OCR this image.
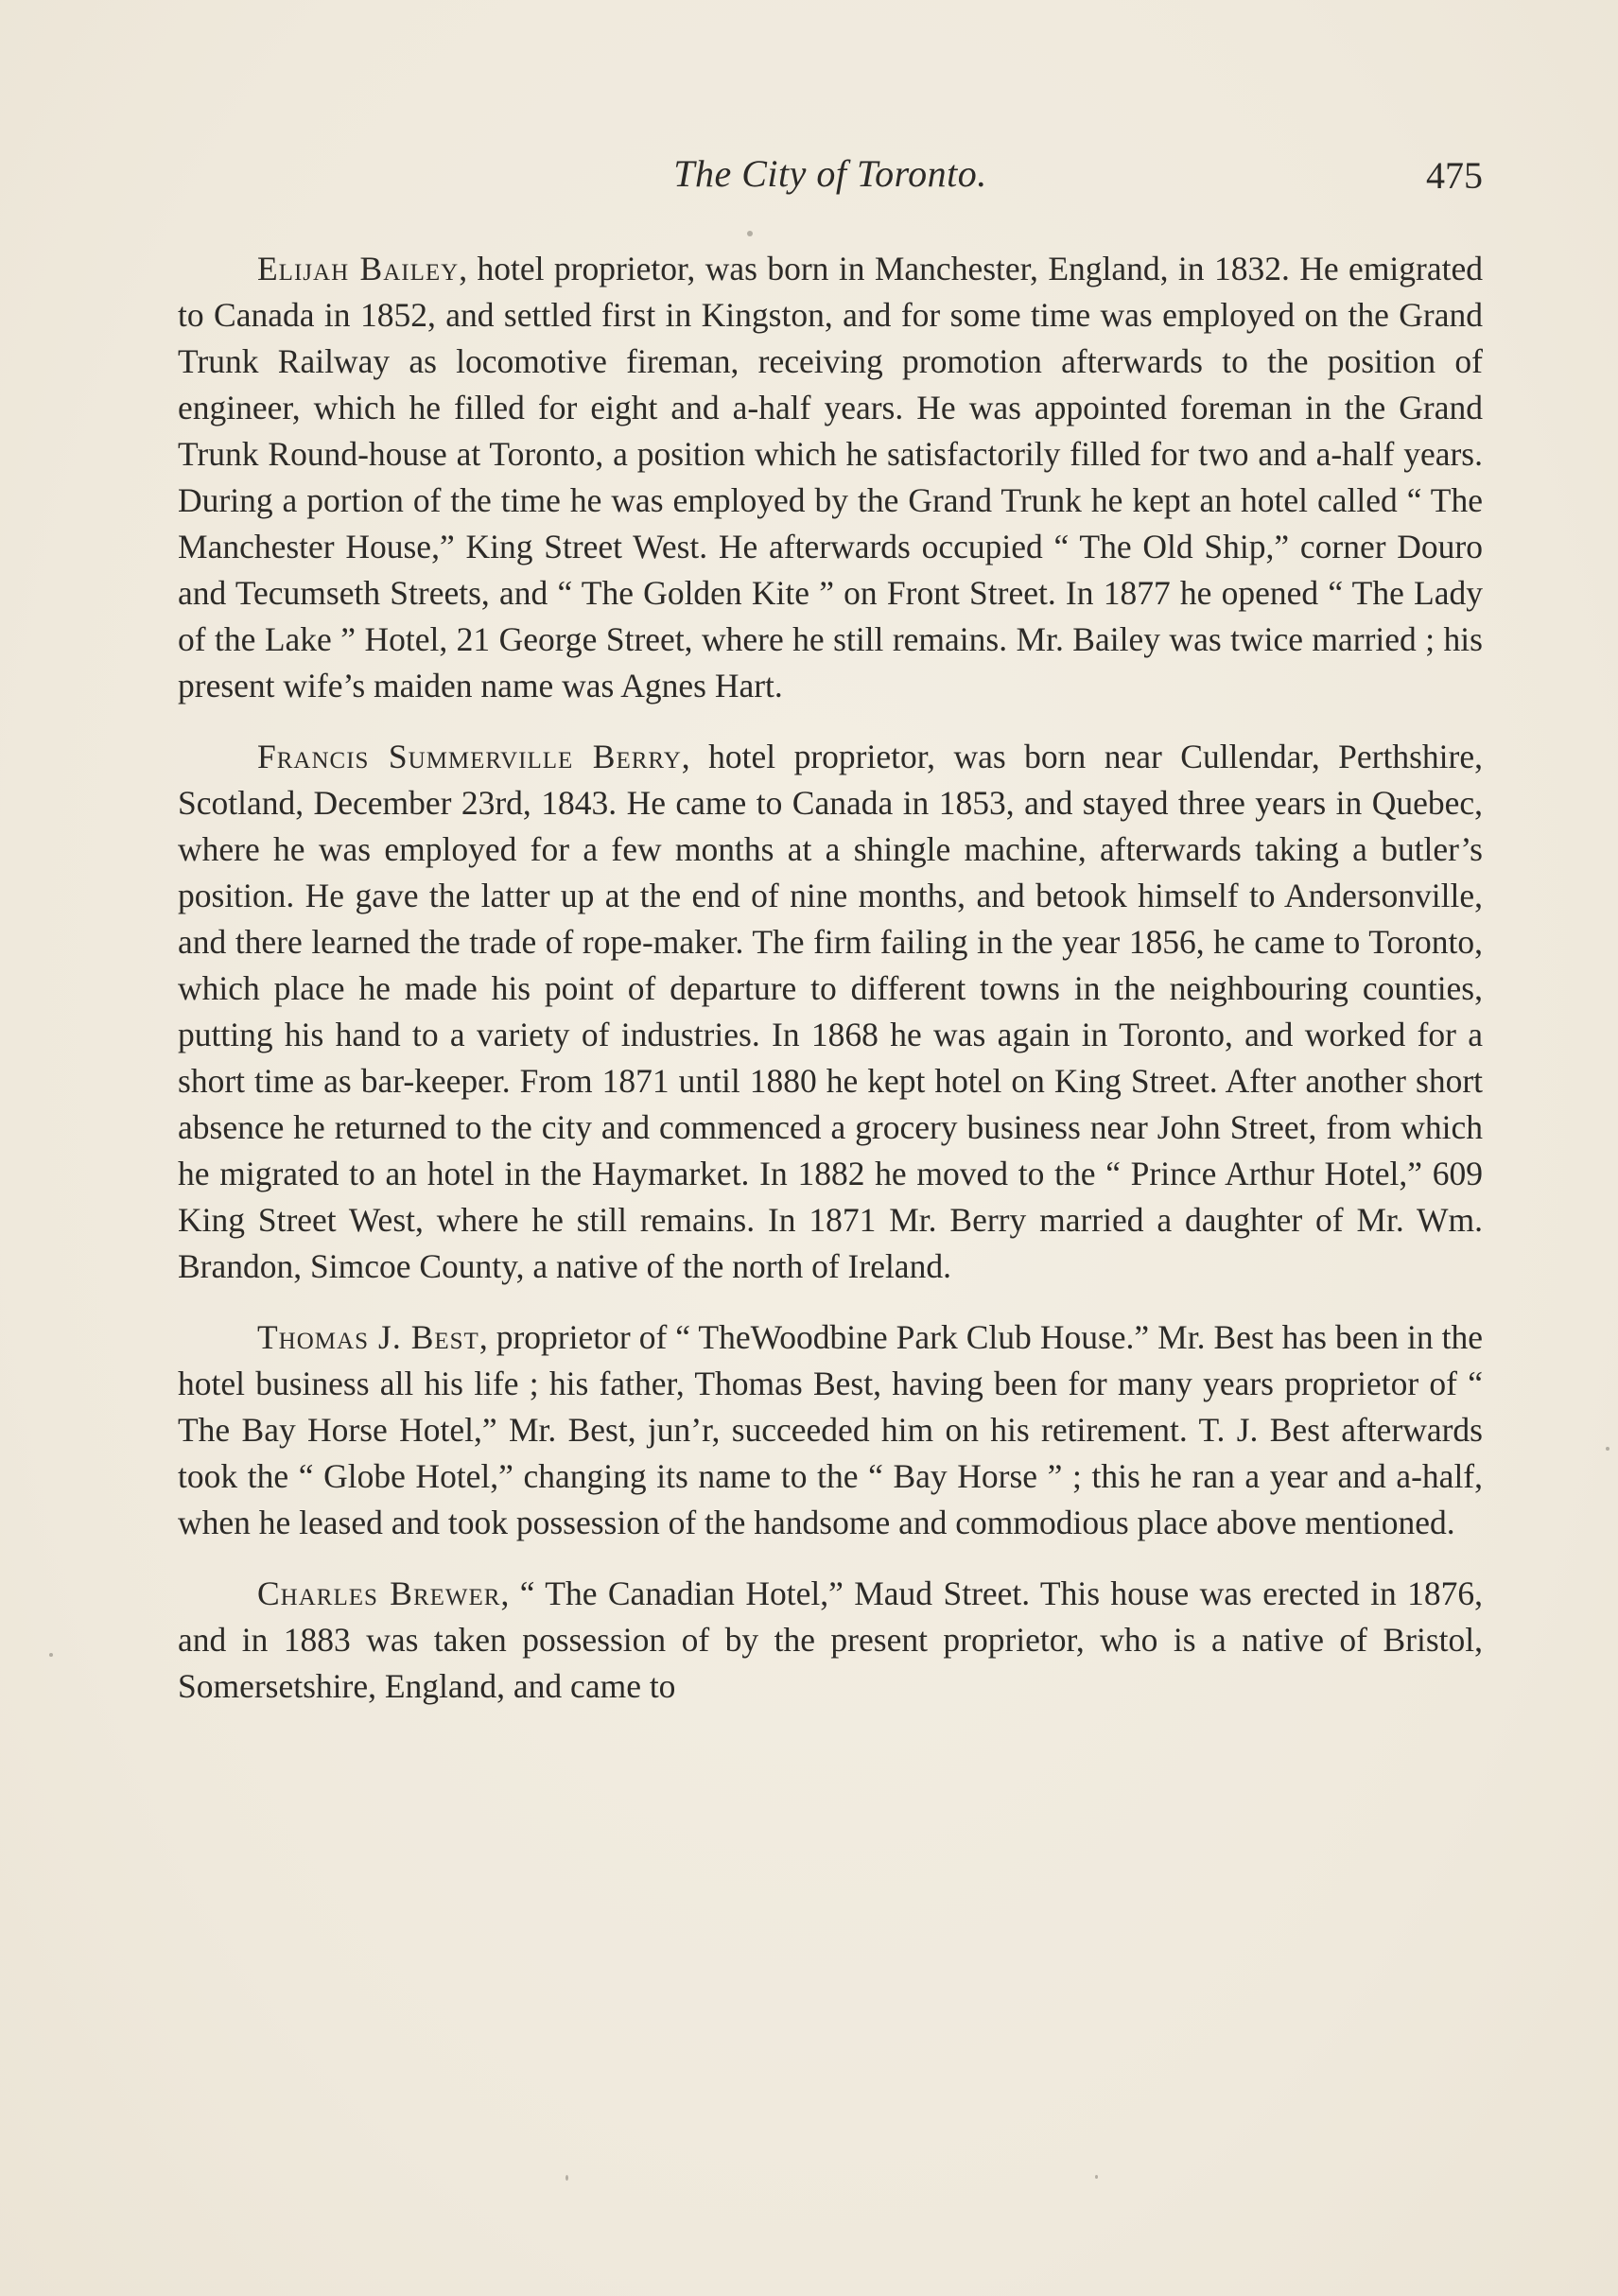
The City of Toronto.	475

Elijah Bailey, hotel proprietor, was born in Manchester, England, in 1832. He emigrated to Canada in 1852, and settled first in Kingston, and for some time was employed on the Grand Trunk Railway as locomotive fireman, receiving promotion afterwards to the position of engineer, which he filled for eight and a-half years. He was appointed foreman in the Grand Trunk Round-house at Toronto, a position which he satisfactorily filled for two and a-half years. During a portion of the time he was employed by the Grand Trunk he kept an hotel called “ The Manchester House,” King Street West. He afterwards occupied “ The Old Ship,” corner Douro and Tecumseth Streets, and “ The Golden Kite ” on Front Street. In 1877 he opened “ The Lady of the Lake ” Hotel, 21 George Street, where he still remains. Mr. Bailey was twice married ; his present wife’s maiden name was Agnes Hart.

Francis Summerville Berry, hotel proprietor, was born near Cullendar, Perthshire, Scotland, December 23rd, 1843. He came to Canada in 1853, and stayed three years in Quebec, where he was employed for a few months at a shingle machine, afterwards taking a butler’s position. He gave the latter up at the end of nine months, and betook himself to Andersonville, and there learned the trade of rope-maker. The firm failing in the year 1856, he came to Toronto, which place he made his point of departure to different towns in the neighbouring counties, putting his hand to a variety of industries. In 1868 he was again in Toronto, and worked for a short time as bar-keeper. From 1871 until 1880 he kept hotel on King Street. After another short absence he returned to the city and commenced a grocery business near John Street, from which he migrated to an hotel in the Haymarket. In 1882 he moved to the “ Prince Arthur Hotel,” 609 King Street West, where he still remains. In 1871 Mr. Berry married a daughter of Mr. Wm. Brandon, Simcoe County, a native of the north of Ireland.

Thomas J. Best, proprietor of “ TheWoodbine Park Club House.” Mr. Best has been in the hotel business all his life ; his father, Thomas Best, having been for many years proprietor of “ The Bay Horse Hotel,” Mr. Best, jun’r, succeeded him on his retirement. T. J. Best afterwards took the “ Globe Hotel,” changing its name to the “ Bay Horse ” ; this he ran a year and a-half, when he leased and took possession of the handsome and commodious place above mentioned.

Charles Brewer, “ The Canadian Hotel,” Maud Street. This house was erected in 1876, and in 1883 was taken possession of by the present proprietor, who is a native of Bristol, Somersetshire, England, and came to
